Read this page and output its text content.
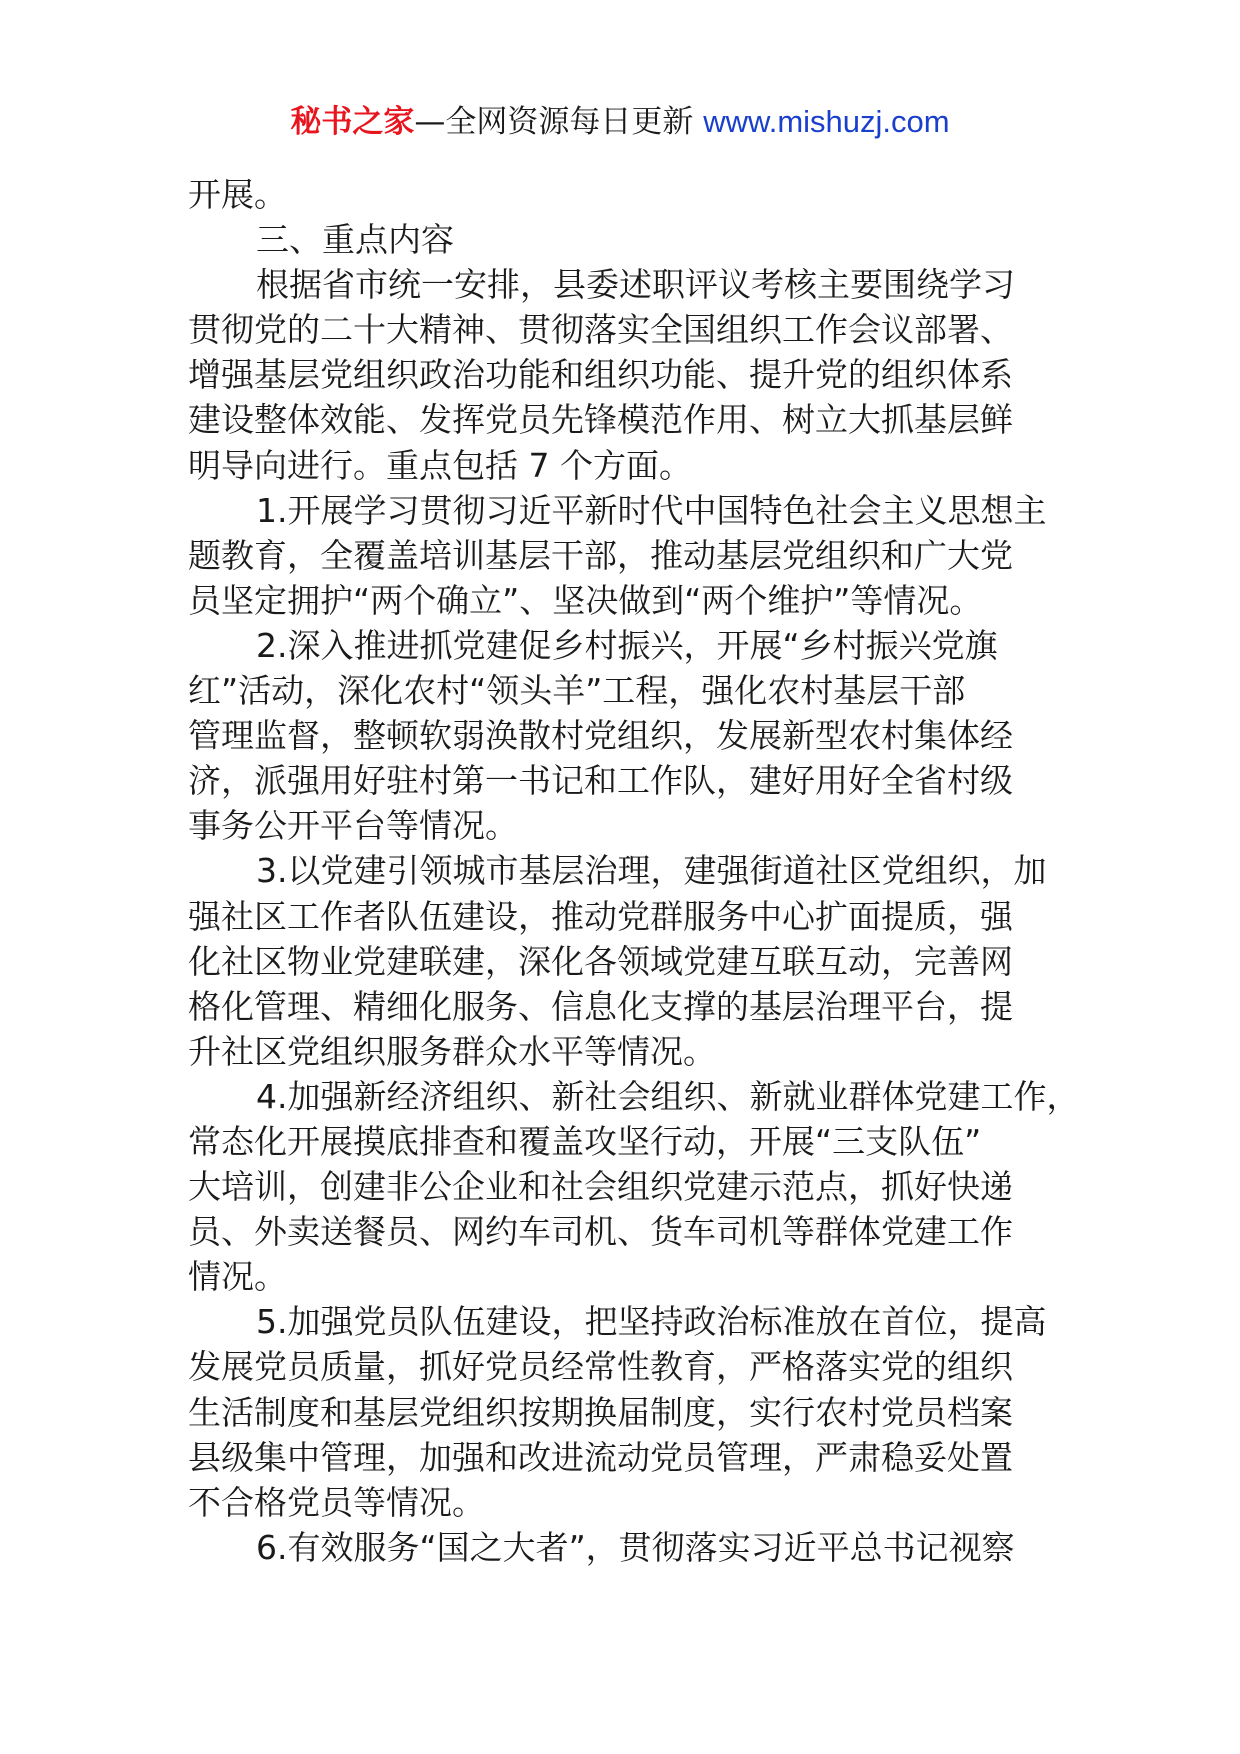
秘书之家—全网资源每日更新 www.mishuzj.com
开展。
三、重点内容
根据省市统一安排，县委述职评议考核主要围绕学习
贯彻党的二十大精神、贯彻落实全国组织工作会议部署、
增强基层党组织政治功能和组织功能、提升党的组织体系
建设整体效能、发挥党员先锋模范作用、树立大抓基层鲜
明导向进行。重点包括 7 个方面。
1.开展学习贯彻习近平新时代中国特色社会主义思想主
题教育，全覆盖培训基层干部，推动基层党组织和广大党
员坚定拥护“两个确立”、坚决做到“两个维护”等情况。
2.深入推进抓党建促乡村振兴，开展“乡村振兴党旗
红”活动，深化农村“领头羊”工程，强化农村基层干部
管理监督，整顿软弱涣散村党组织，发展新型农村集体经
济，派强用好驻村第一书记和工作队，建好用好全省村级
事务公开平台等情况。
3.以党建引领城市基层治理，建强街道社区党组织，加
强社区工作者队伍建设，推动党群服务中心扩面提质，强
化社区物业党建联建，深化各领域党建互联互动，完善网
格化管理、精细化服务、信息化支撑的基层治理平台，提
升社区党组织服务群众水平等情况。
4.加强新经济组织、新社会组织、新就业群体党建工作，
常态化开展摸底排查和覆盖攻坚行动，开展“三支队伍”
大培训，创建非公企业和社会组织党建示范点，抓好快递
员、外卖送餐员、网约车司机、货车司机等群体党建工作
情况。
5.加强党员队伍建设，把坚持政治标准放在首位，提高
发展党员质量，抓好党员经常性教育，严格落实党的组织
生活制度和基层党组织按期换届制度，实行农村党员档案
县级集中管理，加强和改进流动党员管理，严肃稳妥处置
不合格党员等情况。
6.有效服务“国之大者”，贯彻落实习近平总书记视察
